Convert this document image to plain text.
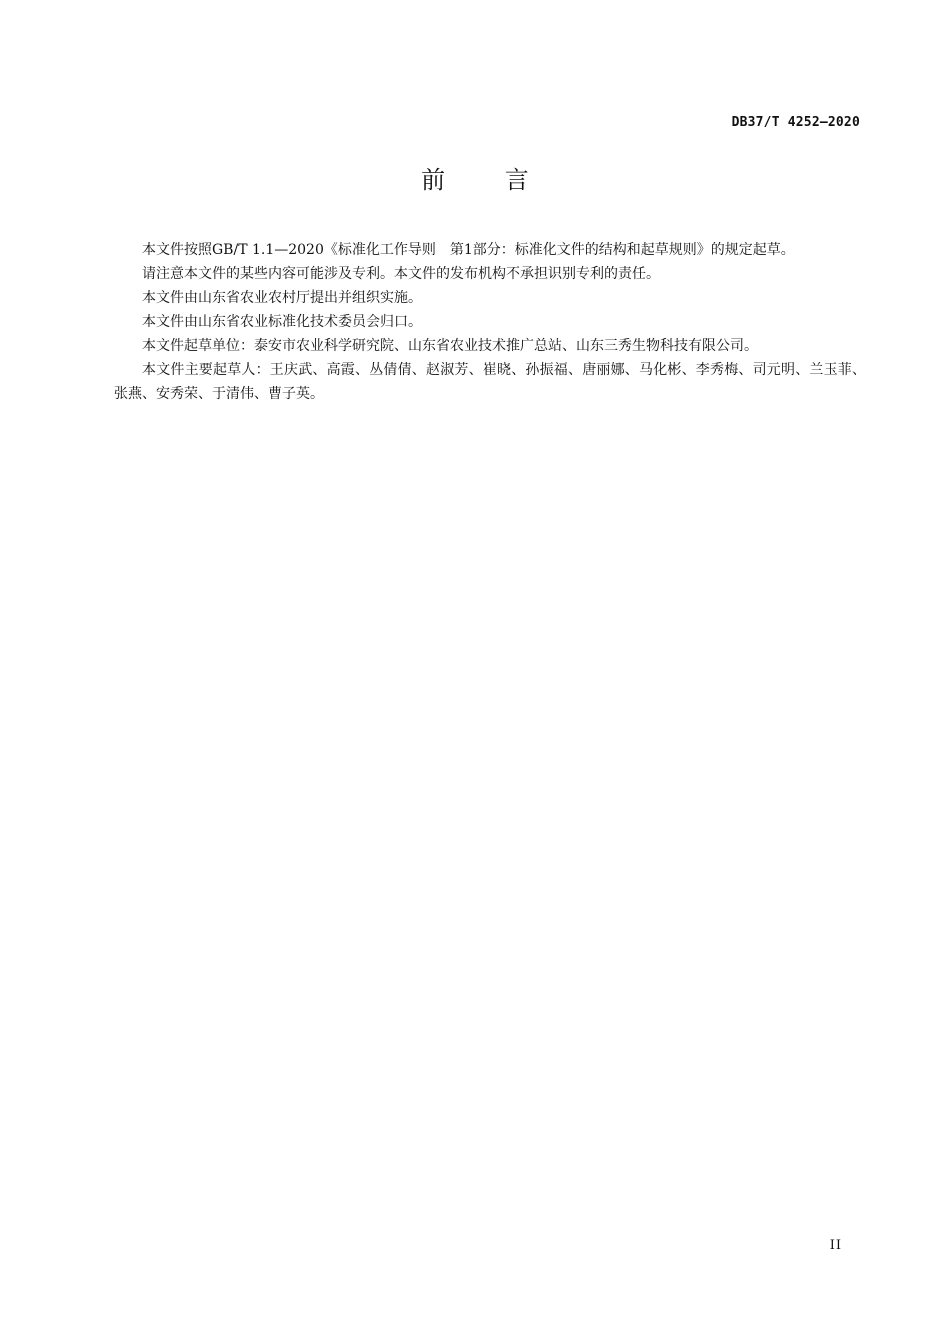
DB37/T 4252—2020
前 言

本文件按照GB/T 1.1—2020《标准化工作导则　第1部分：标准化文件的结构和起草规则》的规定起草。

请注意本文件的某些内容可能涉及专利。本文件的发布机构不承担识别专利的责任。

本文件由山东省农业农村厅提出并组织实施。

本文件由山东省农业标准化技术委员会归口。

本文件起草单位：泰安市农业科学研究院、山东省农业技术推广总站、山东三秀生物科技有限公司。

本文件主要起草人：王庆武、高霞、丛倩倩、赵淑芳、崔晓、孙振福、唐丽娜、马化彬、李秀梅、司元明、兰玉菲、张燕、安秀荣、于清伟、曹子英。

II
